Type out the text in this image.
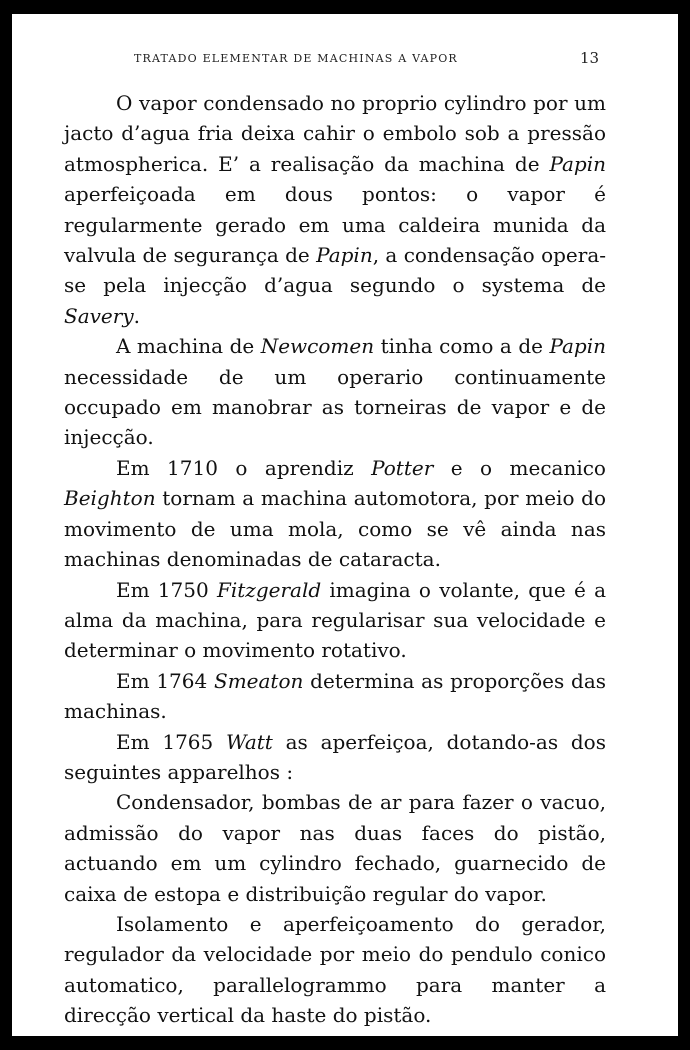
TRATADO ELEMENTAR DE MACHINAS A VAPOR	13

O vapor condensado no proprio cylindro por um jacto d’agua fria deixa cahir o embolo sob a pressão atmospherica. E’ a realisação da machina de Papin aperfeiçoada em dous pontos: o vapor é regularmente gerado em uma caldeira munida da valvula de segurança de Papin, a condensação opera-se pela injecção d’agua segundo o systema de Savery.

A machina de Newcomen tinha como a de Papin necessidade de um operario continuamente occupado em manobrar as torneiras de vapor e de injecção.

Em 1710 o aprendiz Potter e o mecanico Beighton tornam a machina automotora, por meio do movimento de uma mola, como se vê ainda nas machinas denominadas de cataracta.

Em 1750 Fitzgerald imagina o volante, que é a alma da machina, para regularisar sua velocidade e determinar o movimento rotativo.

Em 1764 Smeaton determina as proporções das machinas.

Em 1765 Watt as aperfeiçoa, dotando-as dos seguintes apparelhos :

Condensador, bombas de ar para fazer o vacuo, admissão do vapor nas duas faces do pistão, actuando em um cylindro fechado, guarnecido de caixa de estopa e distribuição regular do vapor.

Isolamento e aperfeiçoamento do gerador, regulador da velocidade por meio do pendulo conico automatico, parallelogrammo para manter a direcção vertical da haste do pistão.
